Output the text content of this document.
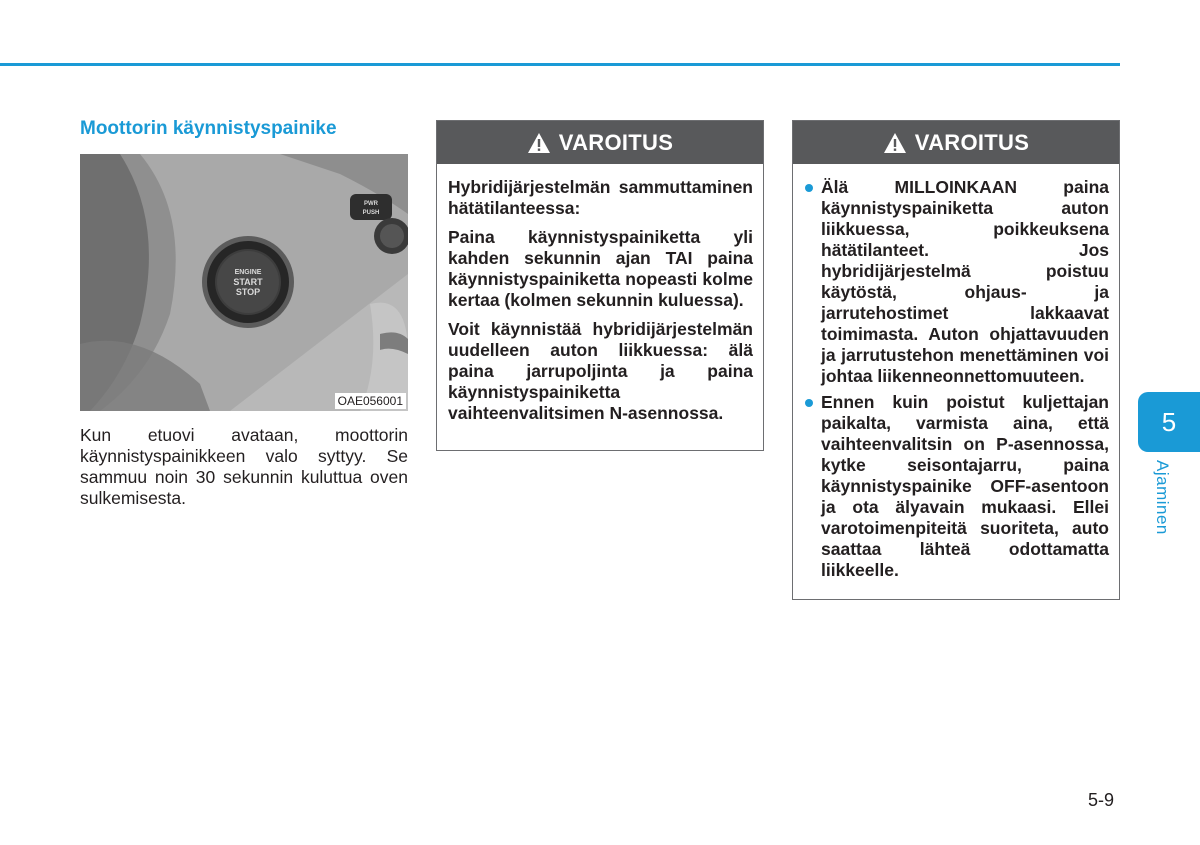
Moottorin käynnistyspainike
ENGINE
START
STOP
PWR
PUSH
OAE056001

Kun etuovi avataan, moottorin käynnistyspainikkeen valo syttyy. Se sammuu noin 30 sekunnin kuluttua oven sulkemisesta.

VAROITUS

Hybridijärjestelmän sammuttaminen hätätilanteessa:

Paina käynnistyspainiketta yli kahden sekunnin ajan TAI paina käynnistyspainiketta nopeasti kolme kertaa (kolmen sekunnin kuluessa).

Voit käynnistää hybridijärjestelmän uudelleen auton liikkuessa: älä paina jarrupoljinta ja paina käynnistyspainiketta vaihteenvalitsimen N-asennossa.

VAROITUS
Älä MILLOINKAAN paina käynnistyspainiketta auton liikkuessa, poikkeuksena hätätilanteet. Jos hybridijärjestelmä poistuu käytöstä, ohjaus- ja jarrutehostimet lakkaavat toimimasta. Auton ohjattavuuden ja jarrutustehon menettäminen voi johtaa liikenneonnettomuuteen.
Ennen kuin poistut kuljettajan paikalta, varmista aina, että vaihteenvalitsin on P-asennossa, kytke seisontajarru, paina käynnistyspainike OFF-asentoon ja ota älyavain mukaasi. Ellei varotoimenpiteitä suoriteta, auto saattaa lähteä odottamatta liikkeelle.
5
Ajaminen
5-9
